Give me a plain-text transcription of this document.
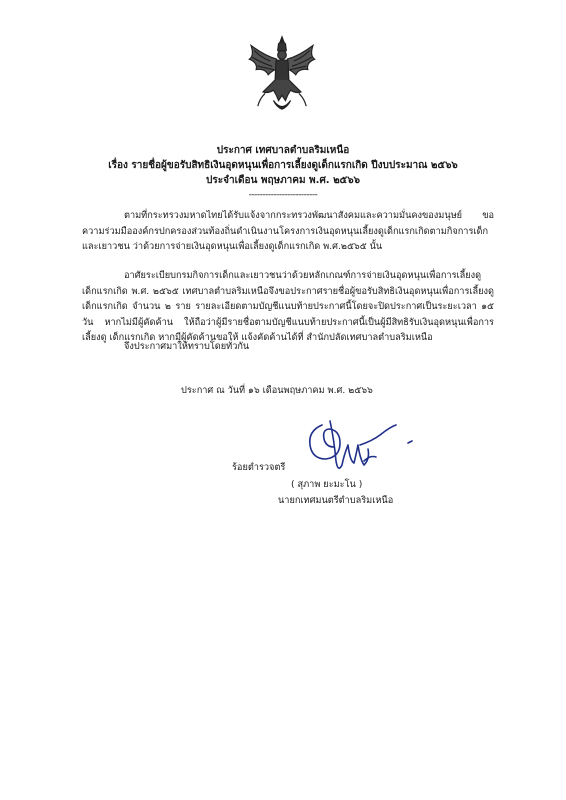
ประกาศ เทศบาลตำบลริมเหนือ
เรื่อง รายชื่อผู้ขอรับสิทธิเงินอุดหนุนเพื่อการเลี้ยงดูเด็กแรกเกิด ปีงบประมาณ ๒๕๖๖
ประจำเดือน พฤษภาคม พ.ศ. ๒๕๖๖
-------------------------

ตามที่กระทรวงมหาดไทยได้รับแจ้งจากกระทรวงพัฒนาสังคมและความมั่นคงของมนุษย์ ขอความร่วมมือองค์กรปกครองส่วนท้องถิ่นดำเนินงานโครงการเงินอุดหนุนเลี้ยงดูเด็กแรกเกิดตามกิจการเด็กและเยาวชน ว่าด้วยการจ่ายเงินอุดหนุนเพื่อเลี้ยงดูเด็กแรกเกิด พ.ศ.๒๕๖๕ นั้น

อาศัยระเบียบกรมกิจการเด็กและเยาวชนว่าด้วยหลักเกณฑ์การจ่ายเงินอุดหนุนเพื่อการเลี้ยงดูเด็กแรกเกิด พ.ศ. ๒๕๖๕ เทศบาลตำบลริมเหนือจึงขอประกาศรายชื่อผู้ขอรับสิทธิเงินอุดหนุนเพื่อการเลี้ยงดู เด็กแรกเกิด จำนวน ๒ ราย รายละเอียดตามบัญชีแนบท้ายประกาศนี้โดยจะปิดประกาศเป็นระยะเวลา ๑๕ วัน หากไม่มีผู้คัดค้าน ให้ถือว่าผู้มีรายชื่อตามบัญชีแนบท้ายประกาศนี้เป็นผู้มีสิทธิรับเงินอุดหนุนเพื่อการเลี้ยงดู เด็กแรกเกิด หากมีผู้คัดค้านขอให้ แจ้งคัดค้านได้ที่ สำนักปลัดเทศบาลตำบลริมเหนือ

จึงประกาศมาให้ทราบโดยทั่วกัน

ประกาศ ณ วันที่ ๑๖ เดือนพฤษภาคม พ.ศ. ๒๕๖๖
ร้อยตำรวจตรี
( สุภาพ ยะมะโน )
นายกเทศมนตรีตำบลริมเหนือ
